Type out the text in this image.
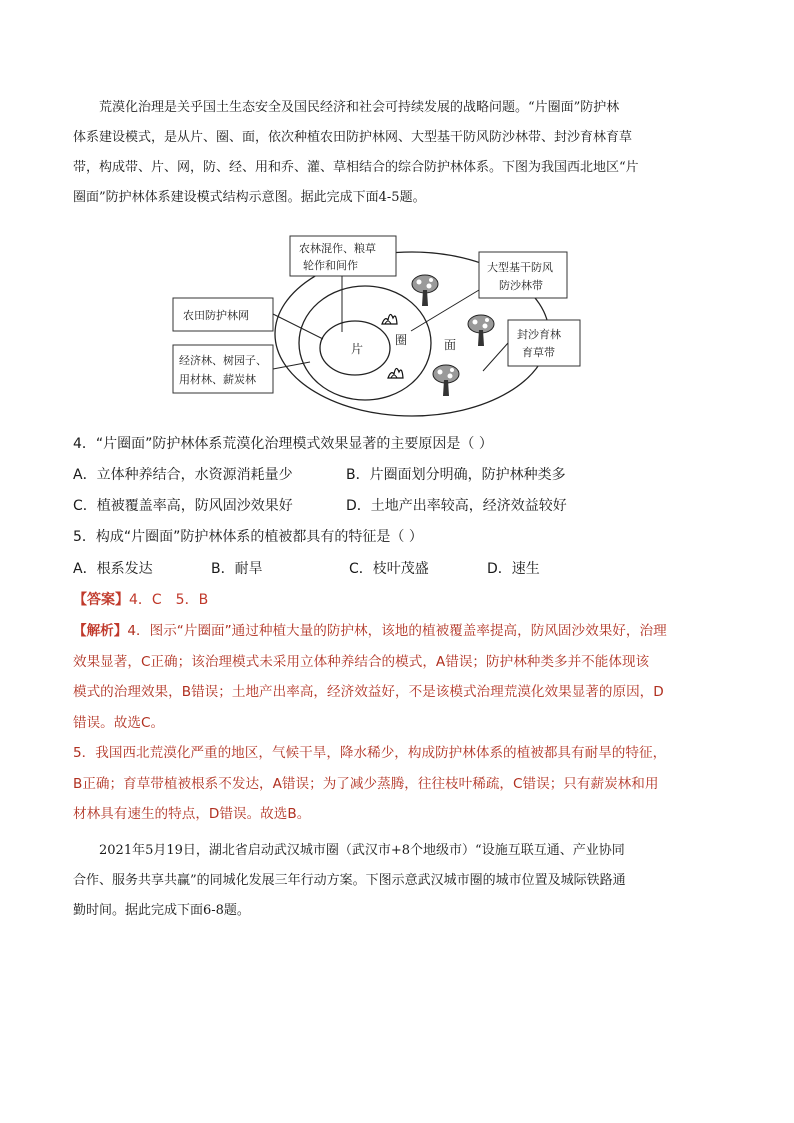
荒漠化治理是关乎国土生态安全及国民经济和社会可持续发展的战略问题。“片圈面”防护林
体系建设模式，是从片、圈、面，依次种植农田防护林网、大型基干防风防沙林带、封沙育林育草
带，构成带、片、网，防、经、用和乔、灌、草相结合的综合防护林体系。下图为我国西北地区“片
圈面”防护林体系建设模式结构示意图。据此完成下面4-5题。
农林混作、粮草
轮作和间作
农田防护林网
经济林、树园子、
用材林、薪炭林
大型基干防风
防沙林带
封沙育林
育草带
片
圈	面
4．“片圈面”防护林体系荒漠化治理模式效果显著的主要原因是（ ）
A．立体种养结合，水资源消耗量少	B．片圈面划分明确，防护林种类多
C．植被覆盖率高，防风固沙效果好	D．土地产出率较高，经济效益较好
5．构成“片圈面”防护林体系的植被都具有的特征是（ ）
A．根系发达	B．耐旱	C．枝叶茂盛	D．速生
【答案】4．C　5．B
【解析】4．图示“片圈面”通过种植大量的防护林，该地的植被覆盖率提高，防风固沙效果好，治理
效果显著，C正确；该治理模式未采用立体种养结合的模式，A错误；防护林种类多并不能体现该
模式的治理效果，B错误；土地产出率高，经济效益好，不是该模式治理荒漠化效果显著的原因，D
错误。故选C。
5．我国西北荒漠化严重的地区，气候干旱，降水稀少，构成防护林体系的植被都具有耐旱的特征，
B正确；育草带植被根系不发达，A错误；为了减少蒸腾，往往枝叶稀疏，C错误；只有薪炭林和用
材林具有速生的特点，D错误。故选B。
2021年5月19日，湖北省启动武汉城市圈（武汉市+8个地级市）“设施互联互通、产业协同
合作、服务共享共赢”的同城化发展三年行动方案。下图示意武汉城市圈的城市位置及城际铁路通
勤时间。据此完成下面6-8题。
